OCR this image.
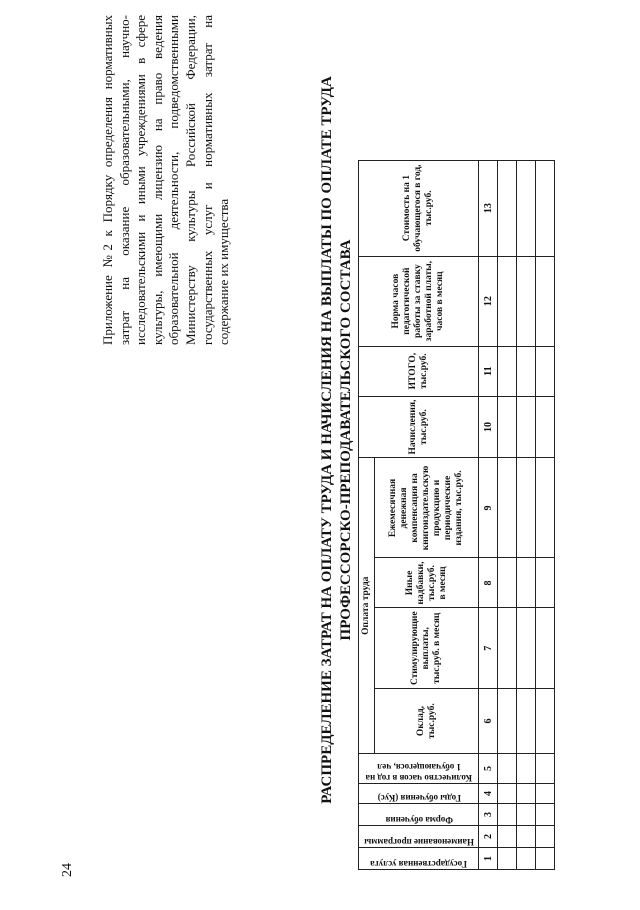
24
РАСПРЕДЕЛЕНИЕ ЗАТРАТ НА ОПЛАТУ ТРУДА И НАЧИСЛЕНИЯ НА ВЫПЛАТЫ ПО ОПЛАТЕ ТРУДА ПРОФЕССОРСКО-ПРЕПОДАВАТЕЛЬСКОГО СОСТАВА
Государственная услуга	Наименование программы	Форма обучения	Годы обучения (Кус)	Количество часов в год на 1 обучающегося, чел	Оплата труда				Начисления, тыс.руб.	ИТОГО, тыс.руб.	Норма часов педагогической работы за ставку заработной платы, часов в месяц	Стоимость на 1 обучающегося в год, тыс.руб.
					Оклад, тыс.руб.	Стимулирующие выплаты, тыс.руб. в месяц	Иные надбавки, тыс.руб. в месяц	Ежемесячная денежная компенсация на книгоиздательскую продукцию и периодические издания, тыс.руб.				
1	2	3	4	5	6	7	8	9	10	11	12	13

Приложение №2 к Порядку определения нормативных затрат на оказание образовательными, научно-исследовательскими и иными учреждениями в сфере культуры, имеющими лицензию на право ведения образовательной деятельности, подведомственными Министерству культуры Российской Федерации, государственных услуг и нормативных затрат на содержание их имущества
